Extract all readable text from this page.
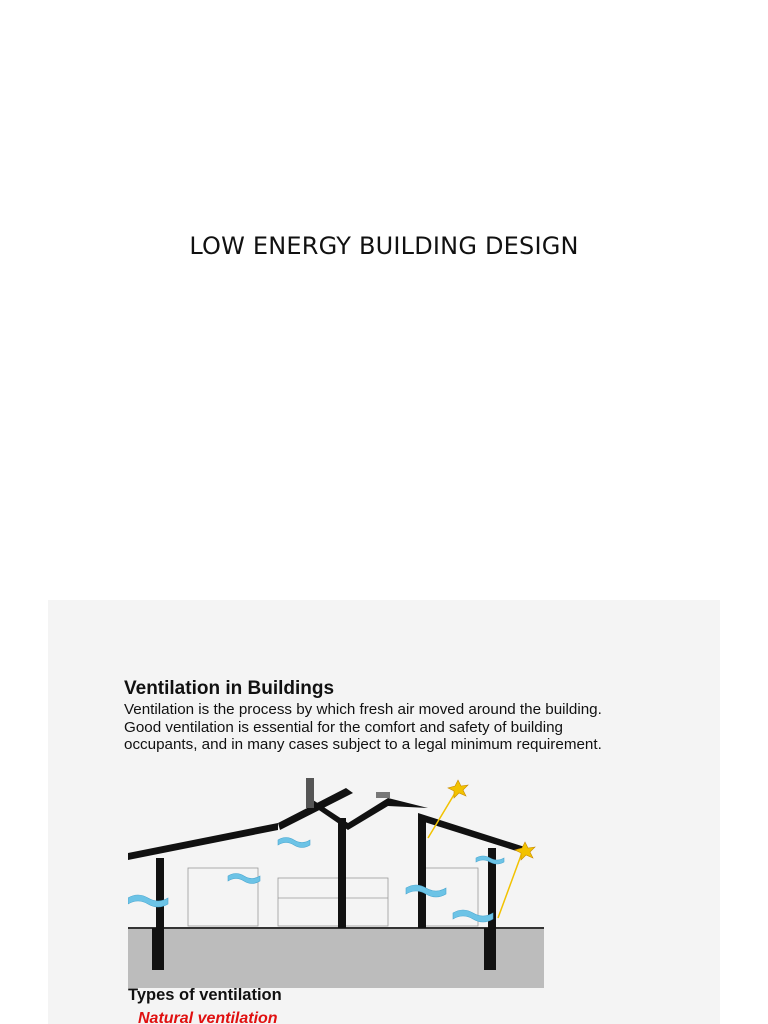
LOW ENERGY BUILDING DESIGN
Ventilation in Buildings
Ventilation is the process by which fresh air moved around the building. Good ventilation is essential for the comfort and safety of building occupants, and in many cases subject to a legal minimum requirement.
Types of ventilation
Natural ventilation
